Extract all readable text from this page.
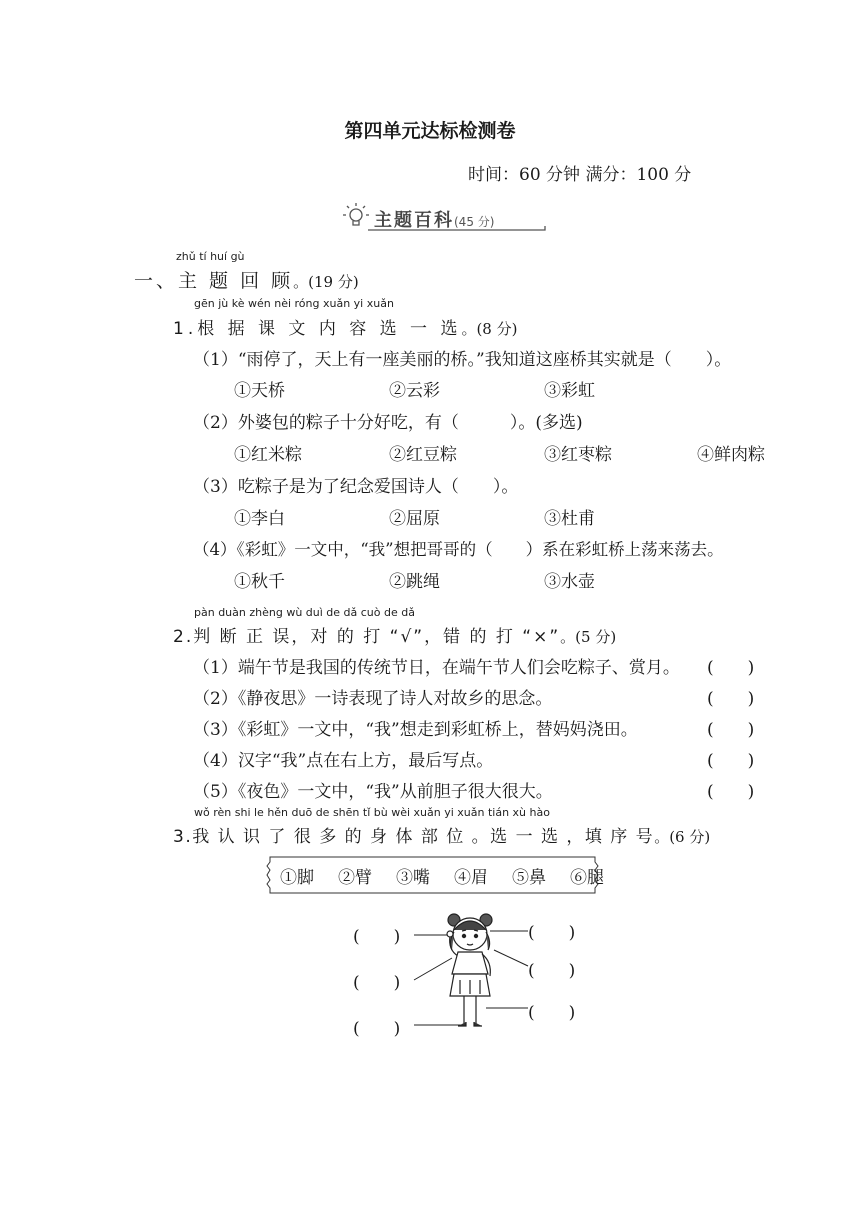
第四单元达标检测卷
时间：60 分钟 满分：100 分
主题百科(45 分)
zhǔ tí huí gù
一、主 题 回 顾。(19 分)
gēn jù kè wén nèi róng xuǎn yi xuǎn
1.根 据 课 文 内 容 选 一 选。(8 分)
（1）“雨停了，天上有一座美丽的桥。”我知道这座桥其实就是（　　）。
①天桥	②云彩	③彩虹
（2）外婆包的粽子十分好吃，有（　　　）。(多选)
①红米粽	②红豆粽	③红枣粽	④鲜肉粽
（3）吃粽子是为了纪念爱国诗人（　　）。
①李白	②屈原	③杜甫
（4）《彩虹》一文中，“我”想把哥哥的（　　）系在彩虹桥上荡来荡去。
①秋千	②跳绳	③水壶
pàn duàn zhèng wù duì de dǎ cuò de dǎ
2.判 断 正 误，对 的 打 “√”，错 的 打 “×”。(5 分)
（1）端午节是我国的传统节日，在端午节人们会吃粽子、赏月。 (　　)
（2）《静夜思》一诗表现了诗人对故乡的思念。	(　　)
（3）《彩虹》一文中，“我”想走到彩虹桥上，替妈妈浇田。	(　　)
（4）汉字“我”点在右上方，最后写点。	(　　)
（5）《夜色》一文中，“我”从前胆子很大很大。	(　　)
wǒ rèn shi le hěn duō de shēn tǐ bù wèi xuǎn yi xuǎn tián xù hào
3.我 认 识 了 很 多 的 身 体 部 位 。选 一 选 ，填 序 号。(6 分)
①脚 ②臂 ③嘴 ④眉 ⑤鼻 ⑥腿
(　　)
(　　)
(　　)
(　　)
(　　)
(　　)
